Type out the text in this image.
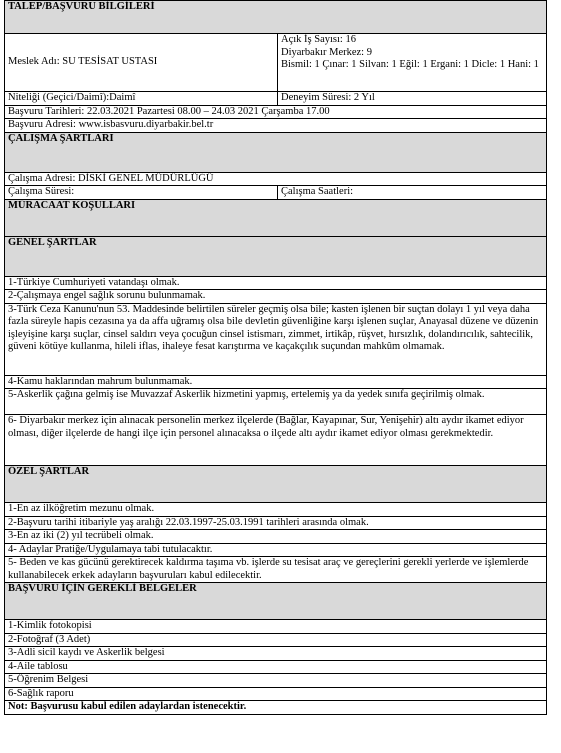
TALEP/BAŞVURU BİLGİLERİ	
Meslek Adı: SU TESİSAT USTASI	Açık İş Sayısı: 16
Diyarbakır Merkez: 9
Bismil: 1 Çınar: 1 Silvan: 1 Eğil: 1 Ergani: 1 Dicle: 1 Hani: 1

Niteliği (Geçici/Daimî):Daimî	Deneyim Süresi: 2 Yıl
Başvuru Tarihleri: 22.03.2021 Pazartesi 08.00 – 24.03 2021 Çarşamba 17.00	
Başvuru Adresi: www.isbasvuru.diyarbakir.bel.tr	
ÇALIŞMA ŞARTLARI	
Çalışma Adresi: DİSKİ GENEL MÜDÜRLÜĞÜ	
Çalışma Süresi:	Çalışma Saatleri:
MÜRACAAT KOŞULLARI	
GENEL ŞARTLAR	
1-Türkiye Cumhuriyeti vatandaşı olmak.	
2-Çalışmaya engel sağlık sorunu bulunmamak.	
3-Türk Ceza Kanunu'nun 53. Maddesinde belirtilen süreler geçmiş olsa bile; kasten işlenen bir suçtan dolayı 1 yıl veya daha fazla süreyle hapis cezasına ya da affa uğramış olsa bile devletin güvenliğine karşı işlenen suçlar, Anayasal düzene ve düzenin işleyişine karşı suçlar, cinsel saldırı veya çocuğun cinsel istismarı, zimmet, irtikâp, rüşvet, hırsızlık, dolandırıcılık, sahtecilik, güveni kötüye kullanma, hileli iflas, ihaleye fesat karıştırma ve kaçakçılık suçundan mahkûm olmamak.	
4-Kamu haklarından mahrum bulunmamak.	
5-Askerlik çağına gelmiş ise Muvazzaf Askerlik hizmetini yapmış, ertelemiş ya da yedek sınıfa geçirilmiş olmak.	
6- Diyarbakır merkez için alınacak personelin merkez ilçelerde (Bağlar, Kayapınar, Sur, Yenişehir) altı aydır ikamet ediyor olması, diğer ilçelerde de hangi ilçe için personel alınacaksa o ilçede altı aydır ikamet ediyor olması gerekmektedir.	
ÖZEL ŞARTLAR	
1-En az ilköğretim mezunu olmak.	
2-Başvuru tarihi itibariyle yaş aralığı 22.03.1997-25.03.1991 tarihleri arasında olmak.	
3-En az iki (2) yıl tecrübeli olmak.	
4- Adaylar Pratiğe/Uygulamaya tabi tutulacaktır.	
5- Beden ve kas gücünü gerektirecek kaldırma taşıma vb. işlerde su tesisat araç ve gereçlerini gerekli yerlerde ve işlemlerde kullanabilecek erkek adayların başvuruları kabul edilecektir.	
BAŞVURU İÇİN GEREKLİ BELGELER	
1-Kimlik fotokopisi	
2-Fotoğraf (3 Adet)	
3-Adli sicil kaydı ve Askerlik belgesi	
4-Aile tablosu	
5-Öğrenim Belgesi	
6-Sağlık raporu	
Not: Başvurusu kabul edilen adaylardan istenecektir.	
